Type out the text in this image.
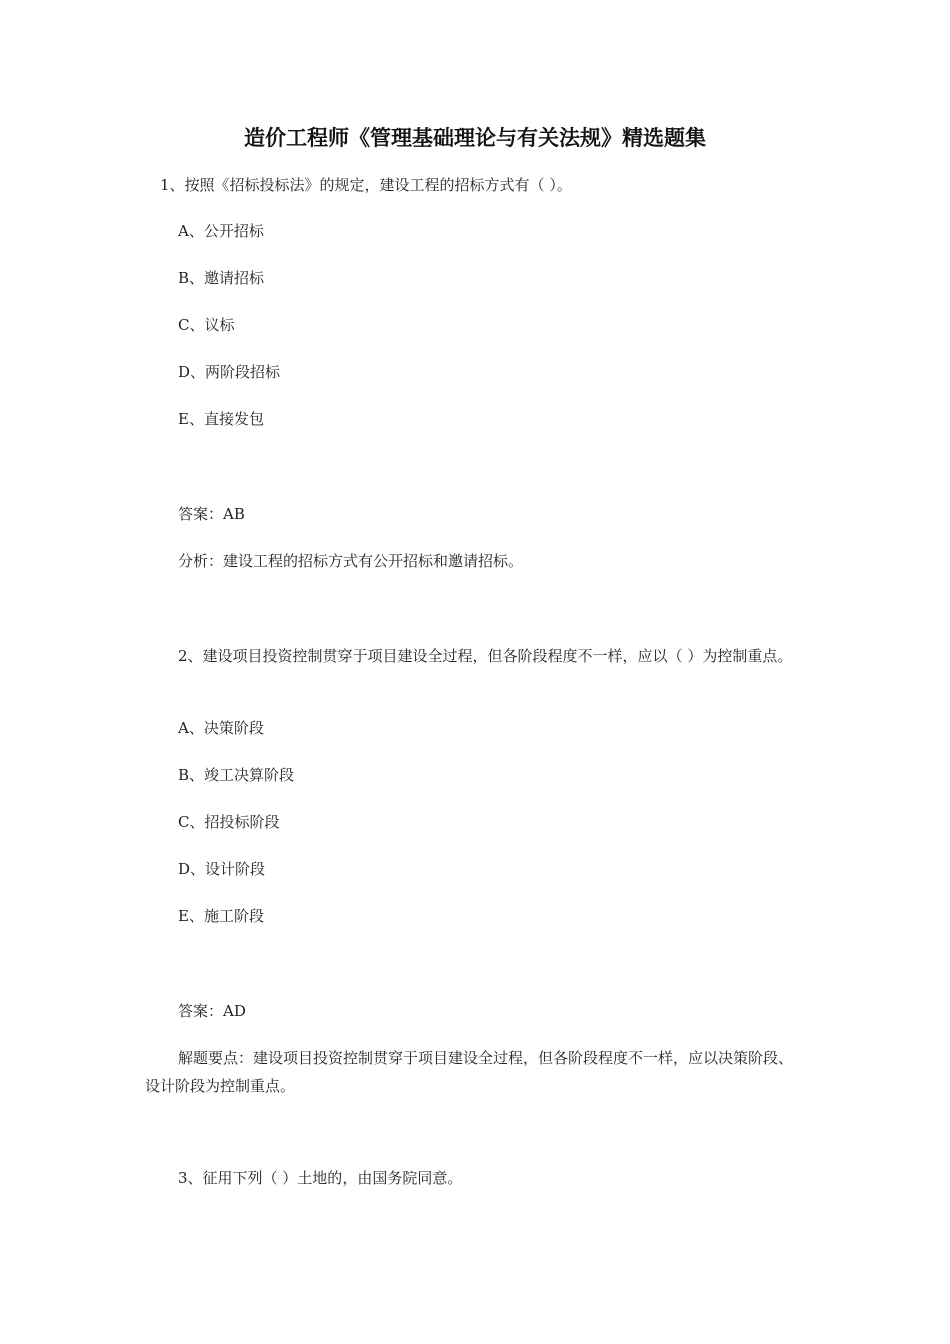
造价工程师《管理基础理论与有关法规》精选题集
1、按照《招标投标法》的规定，建设工程的招标方式有（ ）。
A、公开招标
B、邀请招标
C、议标
D、两阶段招标
E、直接发包
答案：AB
分析：建设工程的招标方式有公开招标和邀请招标。
2、建设项目投资控制贯穿于项目建设全过程，但各阶段程度不一样，应以（ ）为控制重点。
A、决策阶段
B、竣工决算阶段
C、招投标阶段
D、设计阶段
E、施工阶段
答案：AD
解题要点：建设项目投资控制贯穿于项目建设全过程，但各阶段程度不一样，应以决策阶段、设计阶段为控制重点。
3、征用下列（ ）土地的，由国务院同意。
